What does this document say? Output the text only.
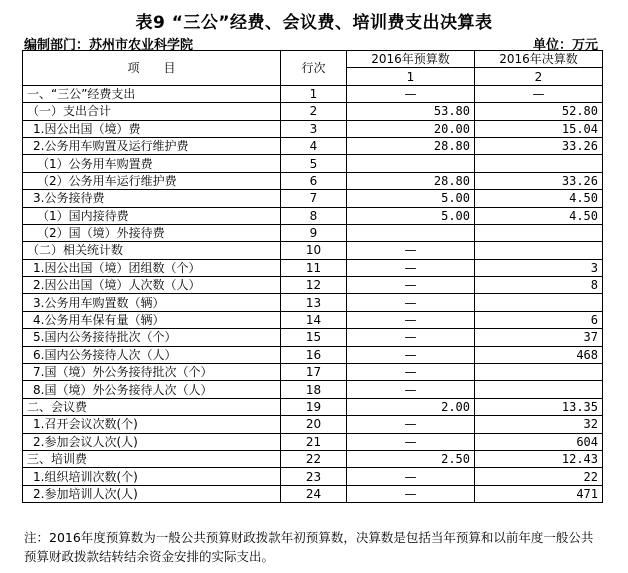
表9 “三公”经费、会议费、培训费支出决算表
编制部门：苏州市农业科学院	单位：万元
项　　目	行次	2016年预算数	2016年决算数
		1	2
一、“三公”经费支出	1	—	—
（一）支出合计	2	53.80	52.80
1.因公出国（境）费	3	20.00	15.04
2.公务用车购置及运行维护费	4	28.80	33.26
（1）公务用车购置费	5		
（2）公务用车运行维护费	6	28.80	33.26
3.公务接待费	7	5.00	4.50
（1）国内接待费	8	5.00	4.50
（2）国（境）外接待费	9		
（二）相关统计数	10	—	
1.因公出国（境）团组数（个）	11	—	3
2.因公出国（境）人次数（人）	12	—	8
3.公务用车购置数（辆）	13	—	
4.公务用车保有量（辆）	14	—	6
5.国内公务接待批次（个）	15	—	37
6.国内公务接待人次（人）	16	—	468
7.国（境）外公务接待批次（个）	17	—	
8.国（境）外公务接待人次（人）	18	—	
二、会议费	19	2.00	13.35
1.召开会议次数(个)	20	—	32
2.参加会议人次(人)	21	—	604
三、培训费	22	2.50	12.43
1.组织培训次数(个)	23	—	22
2.参加培训人次(人)	24	—	471
注：2016年度预算数为一般公共预算财政拨款年初预算数，决算数是包括当年预算和以前年度一般公共预算财政拨款结转结余资金安排的实际支出。
